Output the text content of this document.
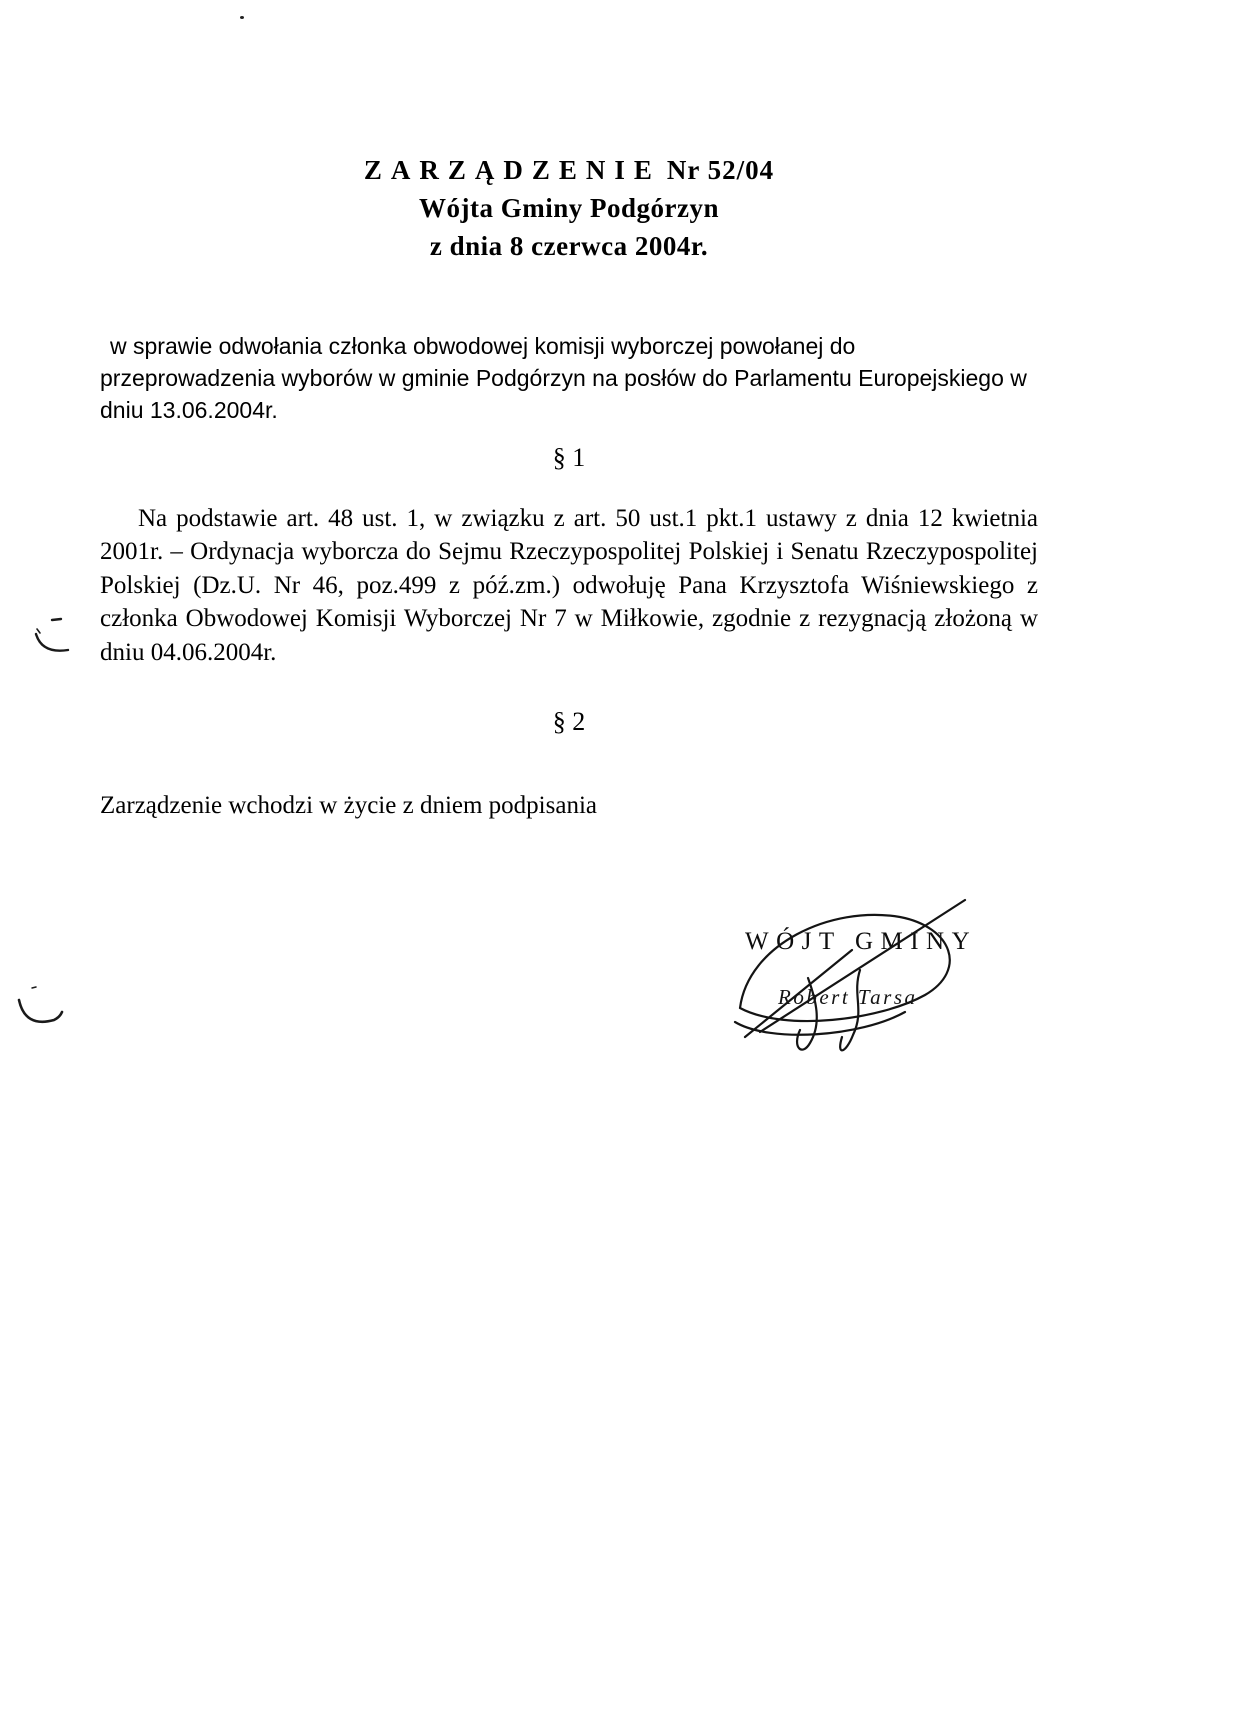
ZARZĄDZENIE Nr 52/04
Wójta Gminy Podgórzyn
z dnia 8 czerwca 2004r.

w sprawie odwołania członka obwodowej komisji wyborczej powołanej do przeprowadzenia wyborów w gminie Podgórzyn na posłów do Parlamentu Europejskiego w dniu 13.06.2004r.

§ 1

Na podstawie art. 48 ust. 1, w związku z art. 50 ust.1 pkt.1 ustawy z dnia 12 kwietnia 2001r. – Ordynacja wyborcza do Sejmu Rzeczypospolitej Polskiej i Senatu Rzeczypospolitej Polskiej (Dz.U. Nr 46, poz.499 z póź.zm.) odwołuję Pana Krzysztofa Wiśniewskiego z członka Obwodowej Komisji Wyborczej Nr 7 w Miłkowie, zgodnie z rezygnacją złożoną w dniu 04.06.2004r.

§ 2

Zarządzenie wchodzi w życie z dniem podpisania

WÓJT GMINY
Robert Tarsa
